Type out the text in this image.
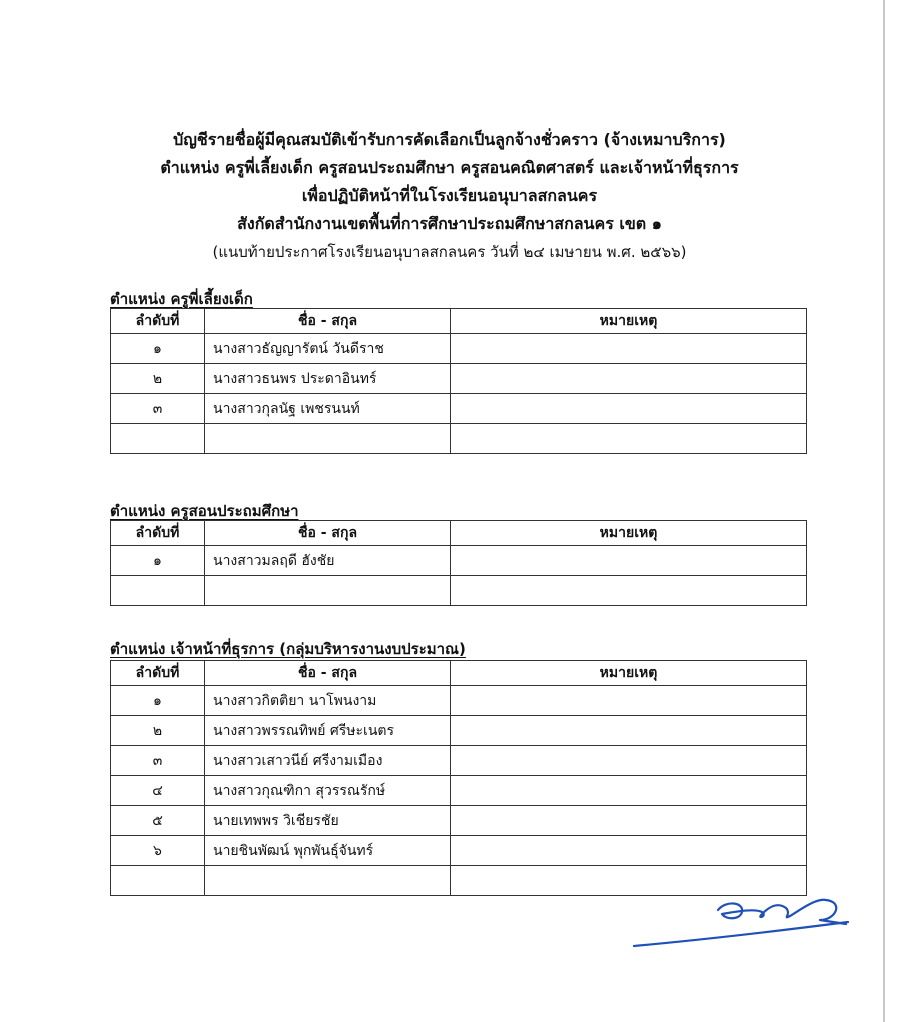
บัญชีรายชื่อผู้มีคุณสมบัติเข้ารับการคัดเลือกเป็นลูกจ้างชั่วคราว (จ้างเหมาบริการ)
ตำแหน่ง ครูพี่เลี้ยงเด็ก ครูสอนประถมศึกษา ครูสอนคณิตศาสตร์ และเจ้าหน้าที่ธุรการ
เพื่อปฏิบัติหน้าที่ในโรงเรียนอนุบาลสกลนคร
สังกัดสำนักงานเขตพื้นที่การศึกษาประถมศึกษาสกลนคร เขต ๑
(แนบท้ายประกาศโรงเรียนอนุบาลสกลนคร วันที่ ๒๔ เมษายน พ.ศ. ๒๕๖๖)
ตำแหน่ง ครูพี่เลี้ยงเด็ก
ลำดับที่	ชื่อ - สกุล	หมายเหตุ
๑	นางสาวธัญญารัตน์ วันดีราช	
๒	นางสาวธนพร ประดาอินทร์	
๓	นางสาวกุลนัฐ เพชรนนท์	

ตำแหน่ง ครูสอนประถมศึกษา
ลำดับที่	ชื่อ - สกุล	หมายเหตุ
๑	นางสาวมลฤดี ฮังชัย	

ตำแหน่ง เจ้าหน้าที่ธุรการ (กลุ่มบริหารงานงบประมาณ)
ลำดับที่	ชื่อ - สกุล	หมายเหตุ
๑	นางสาวกิตติยา นาโพนงาม	
๒	นางสาวพรรณทิพย์ ศรีษะเนตร	
๓	นางสาวเสาวนีย์ ศรีงามเมือง	
๔	นางสาวกุณฑิกา สุวรรณรักษ์	
๕	นายเทพพร วิเชียรชัย	
๖	นายชินพัฒน์ พุกพันธุ์จันทร์	
